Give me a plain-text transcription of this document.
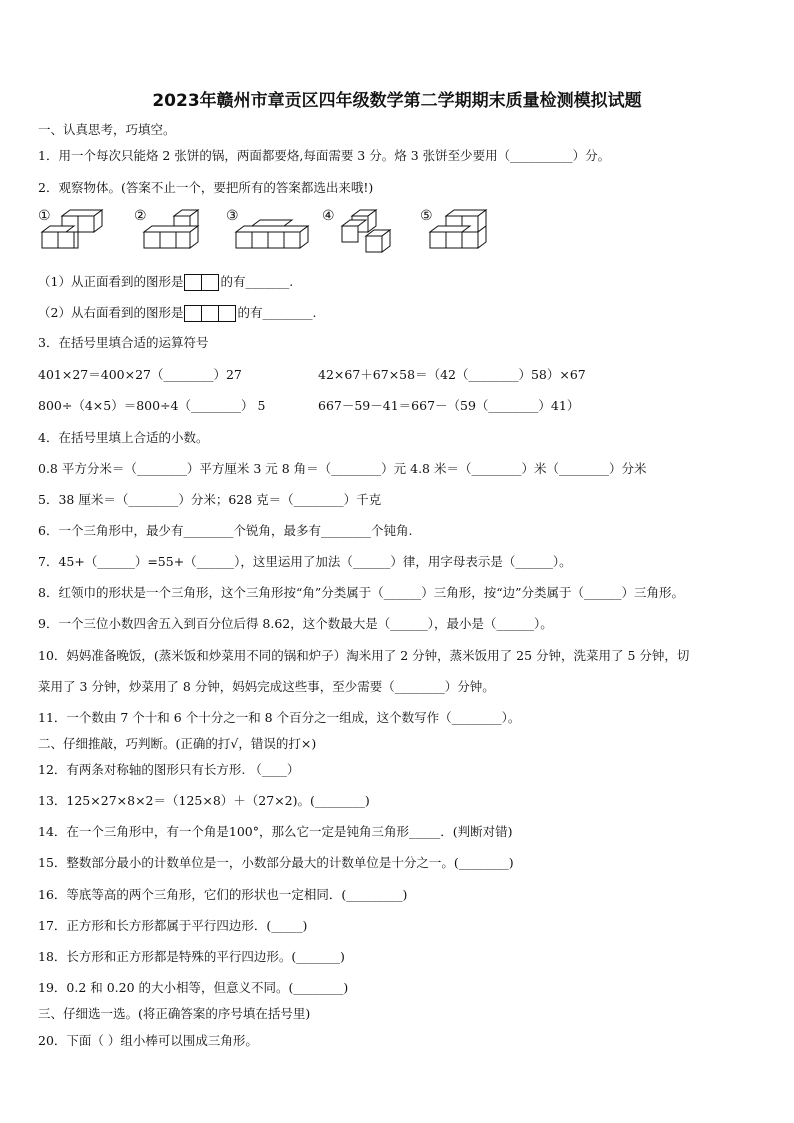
2023年赣州市章贡区四年级数学第二学期期末质量检测模拟试题
一、认真思考，巧填空。
1．用一个每次只能烙 2 张饼的锅，两面都要烙,每面需要 3 分。烙 3 张饼至少要用（__________）分。
2．观察物体。(答案不止一个，要把所有的答案都选出来哦!)
①	②	③	④	⑤
（1）从正面看到的图形是	的有_______.
（2）从右面看到的图形是	的有________.
3．在括号里填合适的运算符号
401×27＝400×27（________）27	42×67＋67×58＝（42（________）58）×67
800÷（4×5）＝800÷4（________） 5	667－59－41＝667－（59（________）41）
4．在括号里填上合适的小数。
0.8 平方分米＝（________）平方厘米 3 元 8 角＝（________）元 4.8 米＝（________）米（________）分米
5．38 厘米＝（________）分米；628 克＝（________）千克
6．一个三角形中，最少有________个锐角，最多有________个钝角.
7．45+（______）=55+（______），这里运用了加法（______）律，用字母表示是（______）。
8．红领巾的形状是一个三角形，这个三角形按“角”分类属于（______）三角形，按“边”分类属于（______）三角形。
9．一个三位小数四舍五入到百分位后得 8.62，这个数最大是（______），最小是（______）。
10．妈妈准备晚饭，(蒸米饭和炒菜用不同的锅和炉子）淘米用了 2 分钟，蒸米饭用了 25 分钟，洗菜用了 5 分钟，切
菜用了 3 分钟，炒菜用了 8 分钟，妈妈完成这些事，至少需要（________）分钟。
11．一个数由 7 个十和 6 个十分之一和 8 个百分之一组成，这个数写作（________）。
二、仔细推敲，巧判断。(正确的打√，错误的打×)
12．有两条对称轴的图形只有长方形. （____）
13．125×27×8×2＝（125×8）＋（27×2)。(________)
14．在一个三角形中，有一个角是100°，那么它一定是钝角三角形_____．(判断对错)
15．整数部分最小的计数单位是一，小数部分最大的计数单位是十分之一。(________)
16．等底等高的两个三角形，它们的形状也一定相同．(_________)
17．正方形和长方形都属于平行四边形．(_____)
18．长方形和正方形都是特殊的平行四边形。(_______)
19．0.2 和 0.20 的大小相等，但意义不同。(________)
三、仔细选一选。(将正确答案的序号填在括号里)
20．下面（ ）组小棒可以围成三角形。
